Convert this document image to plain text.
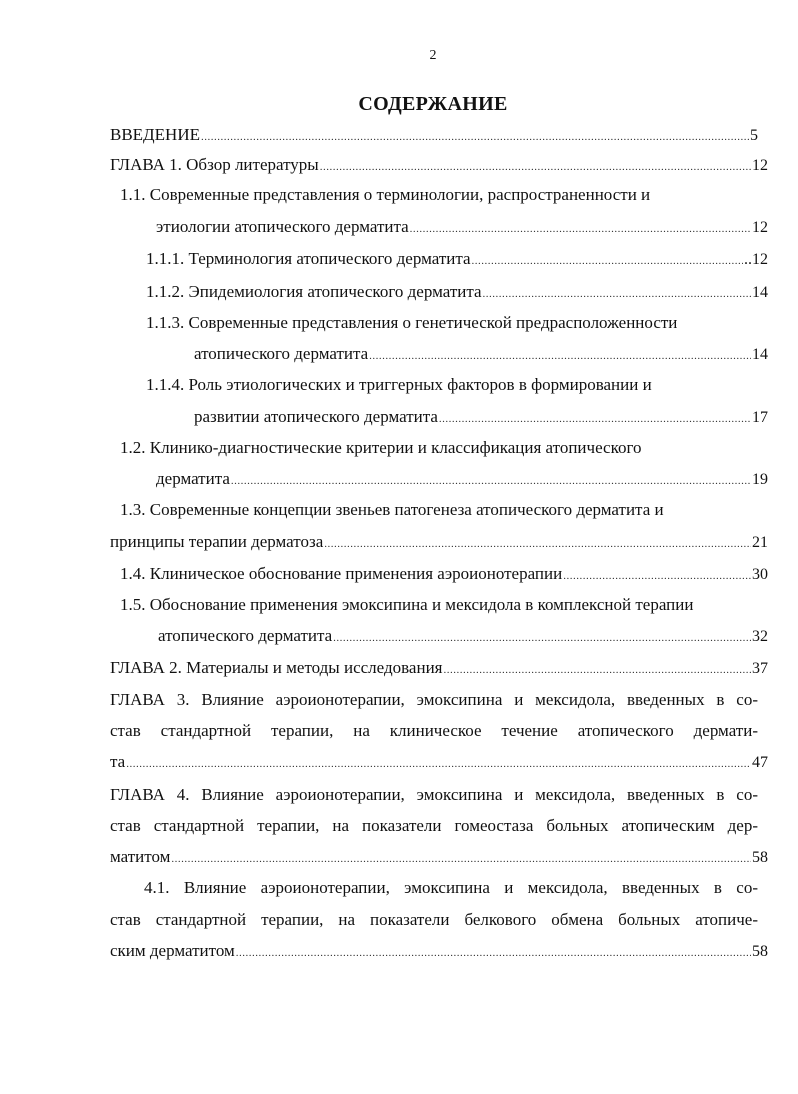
2
СОДЕРЖАНИЕ
ВВЕДЕНИЕ .....	5
ГЛАВА 1. Обзор литературы .....	12
1.1. Современные представления о терминологии, распространенности и
этиологии атопического дерматита .....	12
1.1.1. Терминология атопического дерматита .....	..12
1.1.2. Эпидемиология атопического дерматита .....	14
1.1.3. Современные представления о генетической предрасположенности
атопического дерматита .....	14
1.1.4. Роль этиологических и триггерных факторов в формировании и
развитии атопического дерматита .....	17
1.2. Клинико-диагностические критерии и классификация атопического
дерматита .....	19
1.3. Современные концепции звеньев патогенеза атопического дерматита и
принципы терапии дерматоза .....	21
1.4. Клиническое обоснование применения аэроионотерапии .....	30
1.5. Обоснование применения эмоксипина и мексидола в комплексной терапии
атопического дерматита .....	32
ГЛАВА 2. Материалы и методы исследования .....	37
ГЛАВА 3. Влияние аэроионотерапии, эмоксипина и мексидола, введенных в со-
став стандартной терапии, на клиническое течение атопического дермати-
та .....	47
ГЛАВА 4. Влияние аэроионотерапии, эмоксипина и мексидола, введенных в со-
став стандартной терапии, на показатели гомеостаза больных атопическим дер-
матитом .....	58
4.1. Влияние аэроионотерапии, эмоксипина и мексидола, введенных в со-
став стандартной терапии, на показатели белкового обмена больных атопиче-
ским дерматитом .....	58
